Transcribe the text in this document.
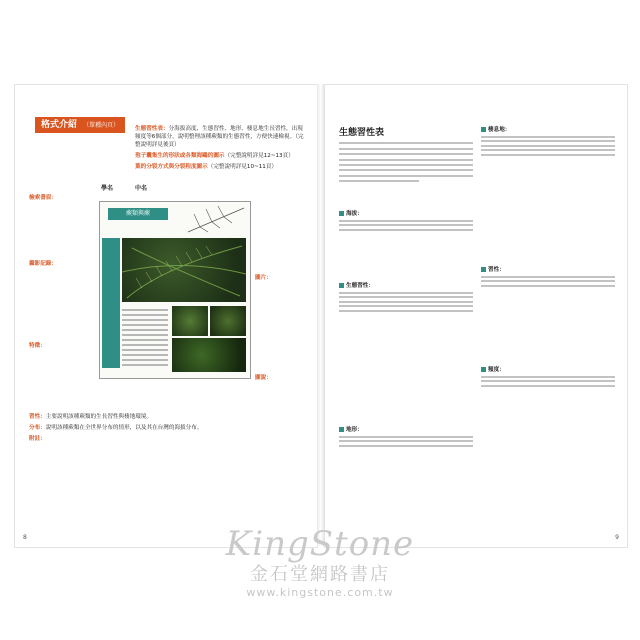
格式介紹 （單種內頁）	生態習性表：分海拔高度、生態習性、地形、棲息地生長習性，出現頻度等6個部分，說明整理該種蕨類的生態習性，方便快速檢視。（完整說明詳見後頁）
孢子囊集生的形狀或各類海鷗的圖示（完整說明詳見12~13頁）
葉的分裂方式與分裂程度圖示（完整說明詳見10~11頁）
學名	中名
檢索書眉：
攝影記錄：
特徵：
蕨類與蕨
圖片：
圖說：
習性：主要說明該種蕨類的生長習性與棲地環境。
分布：說明該種蕨類在全世界分布的情形，以及其在台灣的海拔分布。
附註：
8
生態習性表
海拔：
生態習性：
地形：
棲息地：
習性：
頻度：
9
KingStone
金石堂網路書店
www.kingstone.com.tw
